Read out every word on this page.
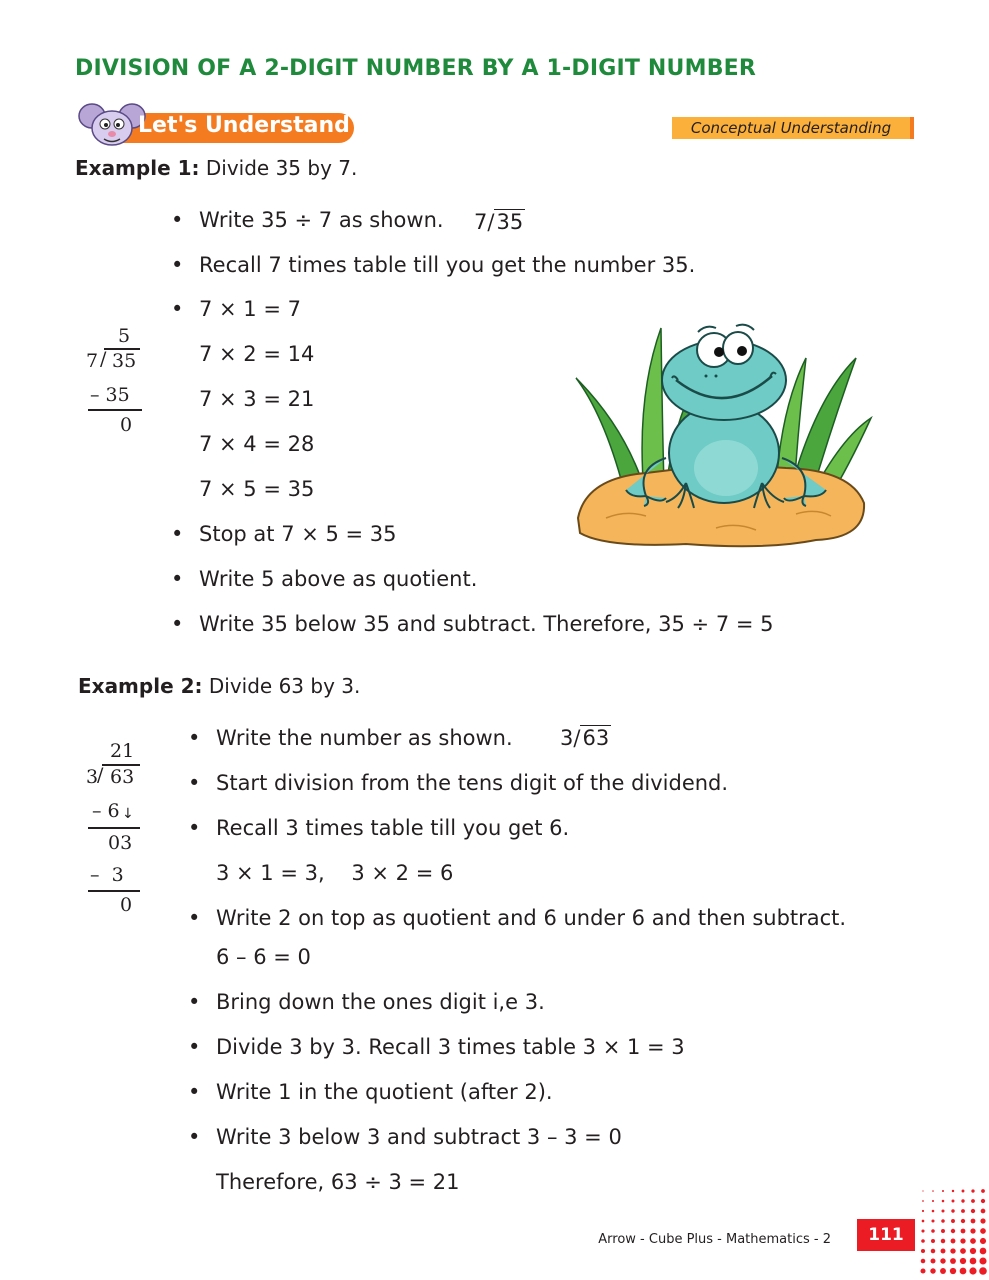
DIVISION OF A 2-DIGIT NUMBER BY A 1-DIGIT NUMBER
Let's Understand	Conceptual Understanding
Example 1: Divide 35 by 7.
• Write 35 ÷ 7 as shown. 7/35
• Recall 7 times table till you get the number 35.
• 7 × 1 = 7
7 × 2 = 14
7 × 3 = 21
7 × 4 = 28
7 × 5 = 35
• Stop at 7 × 5 = 35
• Write 5 above as quotient.
• Write 35 below 35 and subtract. Therefore, 35 ÷ 7 = 5
5
7 / 35
– 35
0
Example 2: Divide 63 by 3.
• Write the number as shown. 3/63
• Start division from the tens digit of the dividend.
• Recall 3 times table till you get 6.
3 × 1 = 3,    3 × 2 = 6
• Write 2 on top as quotient and 6 under 6 and then subtract.
6 – 6 = 0
• Bring down the ones digit i,e 3.
• Divide 3 by 3. Recall 3 times table 3 × 1 = 3
• Write 1 in the quotient (after 2).
• Write 3 below 3 and subtract 3 – 3 = 0
Therefore, 63 ÷ 3 = 21
21
3
/ 63
– 6 ↓
03
–  3
0
Arrow - Cube Plus - Mathematics - 2	111
